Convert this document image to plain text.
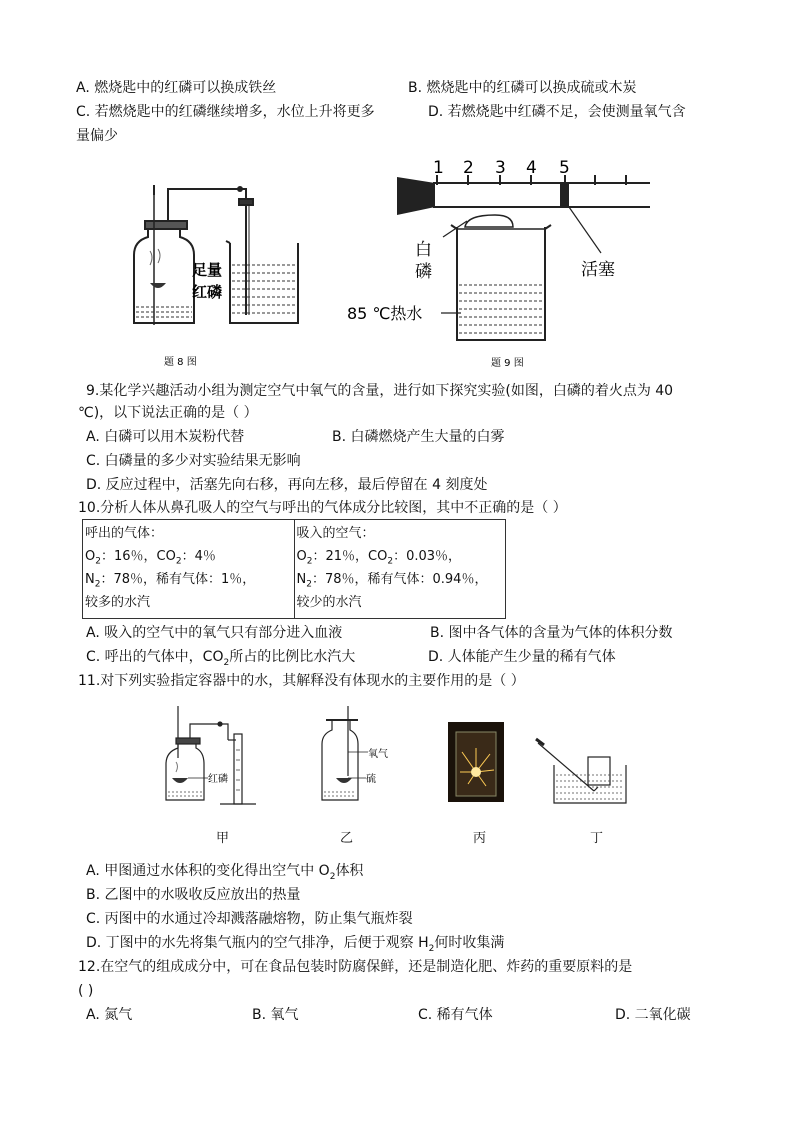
A. 燃烧匙中的红磷可以换成铁丝	B. 燃烧匙中的红磷可以换成硫或木炭
C. 若燃烧匙中的红磷继续增多，水位上升将更多	D. 若燃烧匙中红磷不足，会使测量氧气含
量偏少
足量
红磷
题 8 图
1 2 3 4 5
白
磷	活塞
85 ℃热水
题 9 图
9.某化学兴趣活动小组为测定空气中氧气的含量，进行如下探究实验(如图，白磷的着火点为 40
℃)，以下说法正确的是（ ）
A. 白磷可以用木炭粉代替	B. 白磷燃烧产生大量的白雾
C. 白磷量的多少对实验结果无影响
D. 反应过程中，活塞先向右移，再向左移，最后停留在 4 刻度处
10.分析人体从鼻孔吸人的空气与呼出的气体成分比较图，其中不正确的是（ ）
呼出的气体：
$O_2$：16％，$CO_2$：4％
$N_2$：78％，稀有气体：1％，
较多的水汽

吸入的空气：
$O_2$：21％，$CO_2$：0.03％，
$N_2$：78％，稀有气体：0.94％，
较少的水汽
A. 吸入的空气中的氧气只有部分进入血液	B. 图中各气体的含量为气体的体积分数
C. 呼出的气体中，$CO_2$所占的比例比水汽大	D. 人体能产生少量的稀有气体
11.对下列实验指定容器中的水，其解释没有体现水的主要作用的是（ ）
红磷
氧气
硫
甲	乙	丙	丁
A. 甲图通过水体积的变化得出空气中 $O_2$体积
B. 乙图中的水吸收反应放出的热量
C. 丙图中的水通过冷却溅落融熔物，防止集气瓶炸裂
D. 丁图中的水先将集气瓶内的空气排净，后便于观察 $H_2$何时收集满
12.在空气的组成成分中，可在食品包装时防腐保鲜，还是制造化肥、炸药的重要原料的是
( )
A. 氮气	B. 氧气	C. 稀有气体	D. 二氧化碳
